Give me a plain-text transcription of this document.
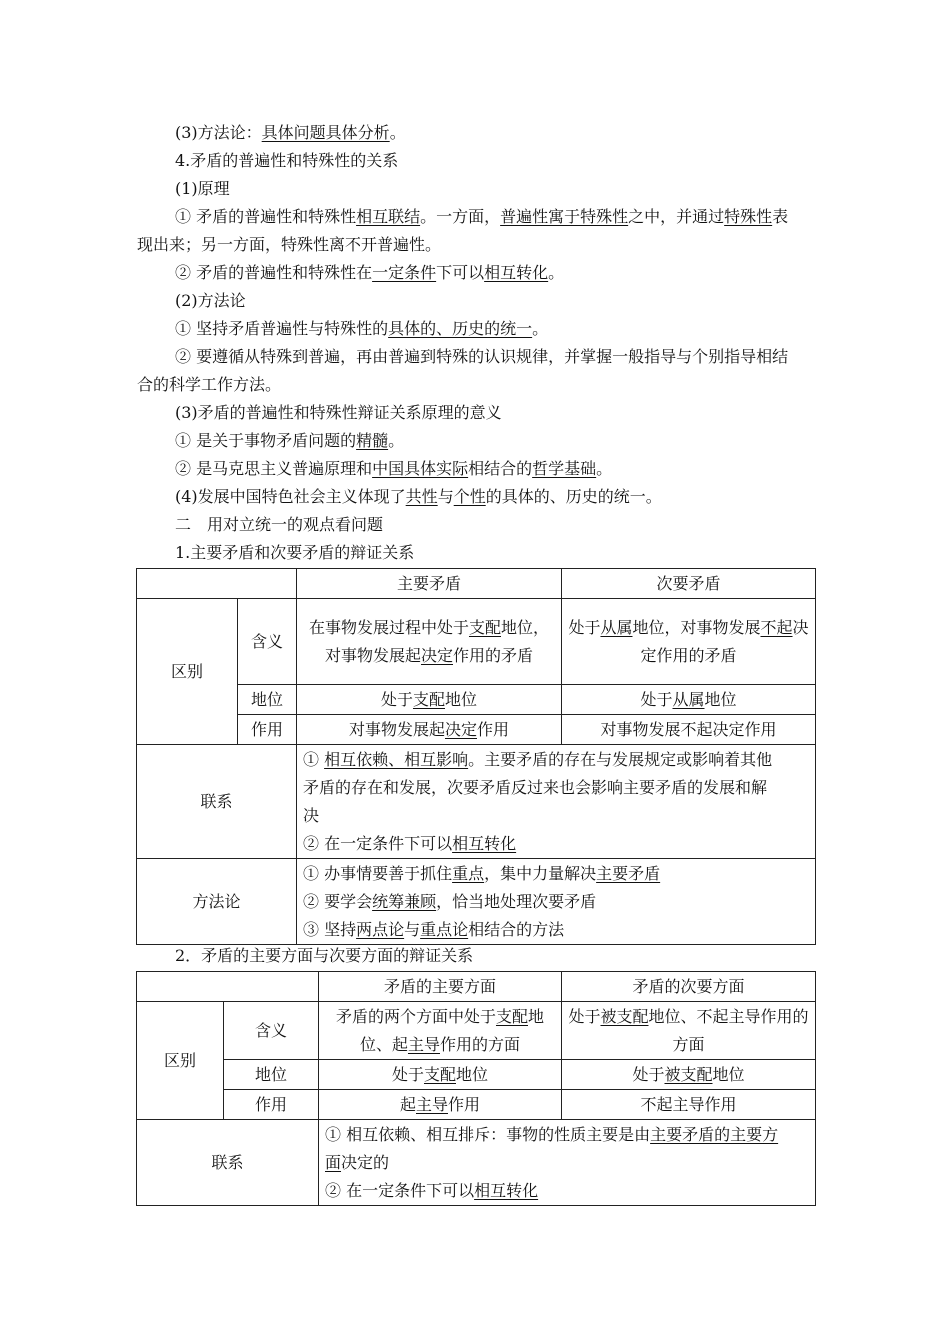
(3)方法论：具体问题具体分析。
4.矛盾的普遍性和特殊性的关系
(1)原理
① 矛盾的普遍性和特殊性相互联结。一方面，普遍性寓于特殊性之中，并通过特殊性表
现出来；另一方面，特殊性离不开普遍性。
② 矛盾的普遍性和特殊性在一定条件下可以相互转化。
(2)方法论
① 坚持矛盾普遍性与特殊性的具体的、历史的统一。
② 要遵循从特殊到普遍，再由普遍到特殊的认识规律，并掌握一般指导与个别指导相结
合的科学工作方法。
(3)矛盾的普遍性和特殊性辩证关系原理的意义
① 是关于事物矛盾问题的精髓。
② 是马克思主义普遍原理和中国具体实际相结合的哲学基础。
(4)发展中国特色社会主义体现了共性与个性的具体的、历史的统一。
二　用对立统一的观点看问题
1.主要矛盾和次要矛盾的辩证关系
		主要矛盾	次要矛盾
区别	含义	在事物发展过程中处于支配地位，对事物发展起决定作用的矛盾	处于从属地位，对事物发展不起决定作用的矛盾
	地位	处于支配地位	处于从属地位
	作用	对事物发展起决定作用	对事物发展不起决定作用
联系		① 相互依赖、相互影响。主要矛盾的存在与发展规定或影响着其他
矛盾的存在和发展，次要矛盾反过来也会影响主要矛盾的发展和解
决
② 在一定条件下可以相互转化	

方法论		① 办事情要善于抓住重点，集中力量解决主要矛盾
② 要学会统筹兼顾，恰当地处理次要矛盾
③ 坚持两点论与重点论相结合的方法	
2．矛盾的主要方面与次要方面的辩证关系
		矛盾的主要方面	矛盾的次要方面
区别	含义	矛盾的两个方面中处于支配地位、起主导作用的方面	处于被支配地位、不起主导作用的方面
	地位	处于支配地位	处于被支配地位
	作用	起主导作用	不起主导作用
联系		① 相互依赖、相互排斥：事物的性质主要是由主要矛盾的主要方
面决定的
② 在一定条件下可以相互转化	
